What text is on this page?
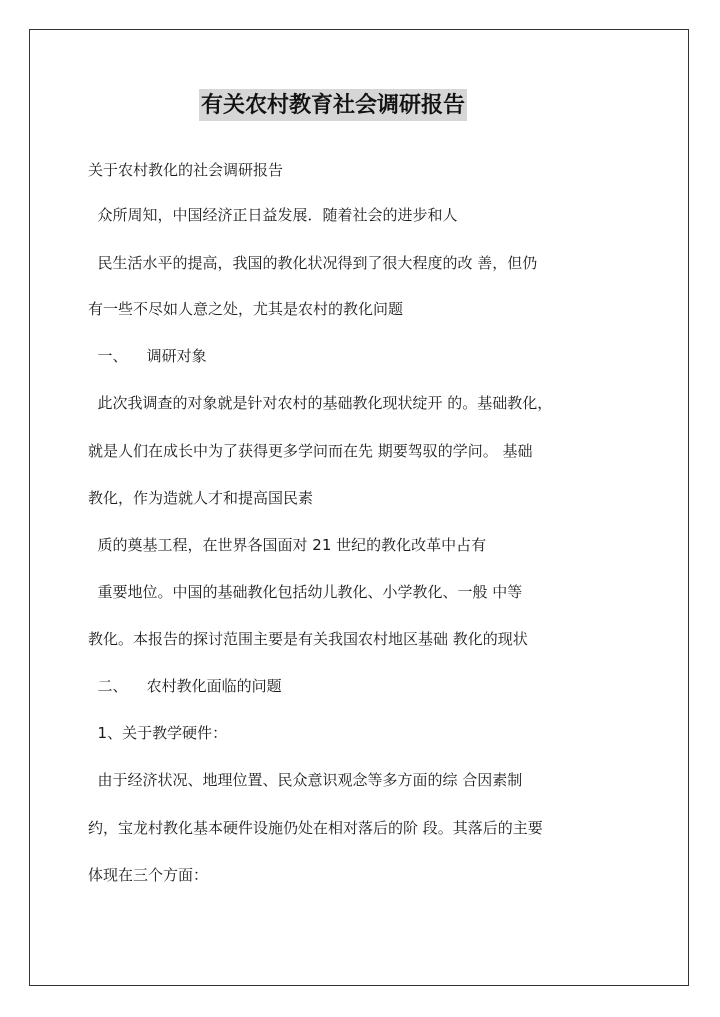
有关农村教育社会调研报告
关于农村教化的社会调研报告
众所周知，中国经济正日益发展．随着社会的进步和人
民生活水平的提高，我国的教化状况得到了很大程度的改 善，但仍
有一些不尽如人意之处，尤其是农村的教化问题
一、    调研对象
此次我调查的对象就是针对农村的基础教化现状绽开 的。基础教化，
就是人们在成长中为了获得更多学问而在先 期要驾驭的学问。 基础
教化，作为造就人才和提高国民素
质的奠基工程，在世界各国面对 21 世纪的教化改革中占有
重要地位。中国的基础教化包括幼儿教化、小学教化、一般 中等
教化。本报告的探讨范围主要是有关我国农村地区基础 教化的现状
二、    农村教化面临的问题
1、关于教学硬件：
由于经济状况、地理位置、民众意识观念等多方面的综 合因素制
约，宝龙村教化基本硬件设施仍处在相对落后的阶 段。其落后的主要
体现在三个方面：
